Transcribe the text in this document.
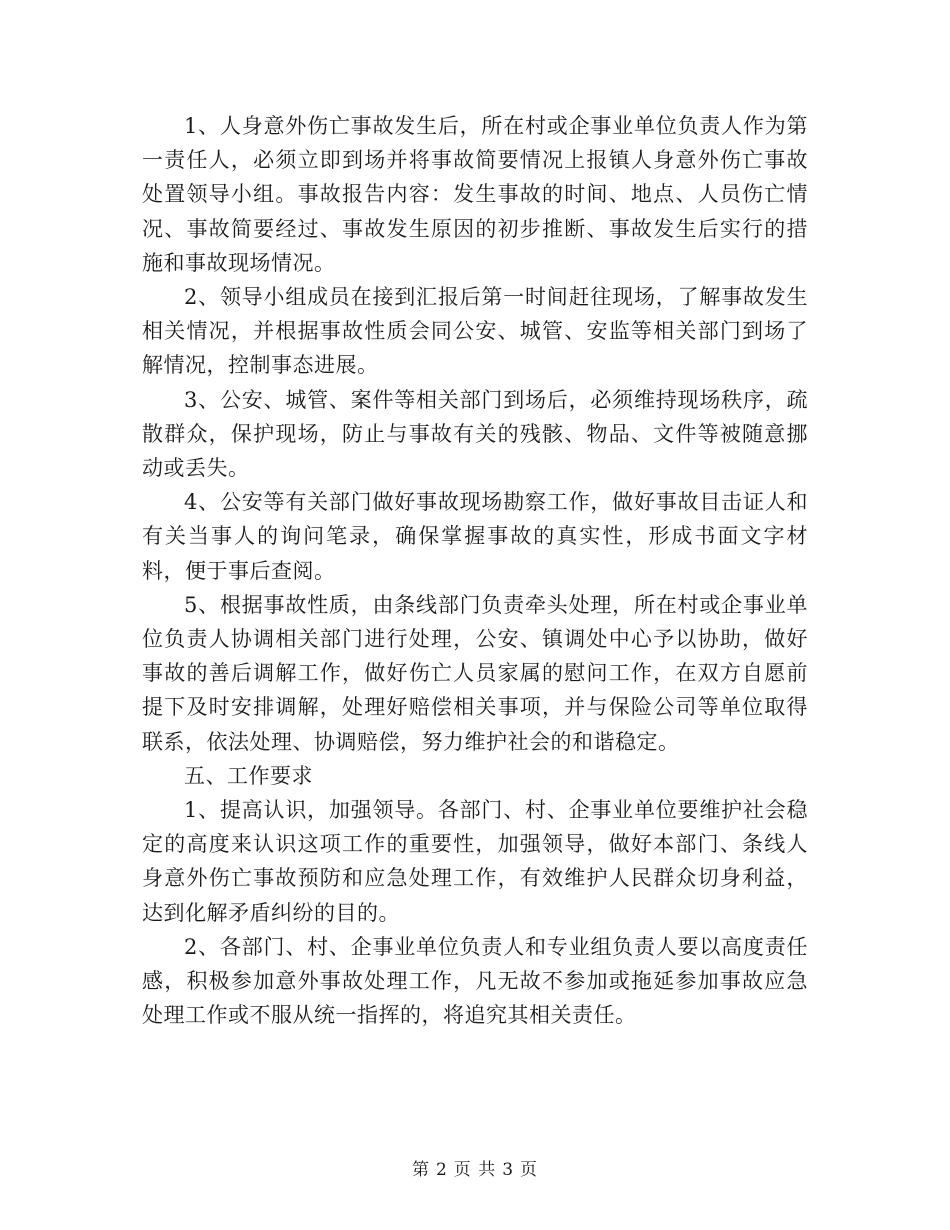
1、人身意外伤亡事故发生后，所在村或企事业单位负责人作为第一责任人，必须立即到场并将事故简要情况上报镇人身意外伤亡事故处置领导小组。事故报告内容：发生事故的时间、地点、人员伤亡情况、事故简要经过、事故发生原因的初步推断、事故发生后实行的措施和事故现场情况。

2、领导小组成员在接到汇报后第一时间赶往现场，了解事故发生相关情况，并根据事故性质会同公安、城管、安监等相关部门到场了解情况，控制事态进展。

3、公安、城管、案件等相关部门到场后，必须维持现场秩序，疏散群众，保护现场，防止与事故有关的残骸、物品、文件等被随意挪动或丢失。

4、公安等有关部门做好事故现场勘察工作，做好事故目击证人和有关当事人的询问笔录，确保掌握事故的真实性，形成书面文字材料，便于事后查阅。

5、根据事故性质，由条线部门负责牵头处理，所在村或企事业单位负责人协调相关部门进行处理，公安、镇调处中心予以协助，做好事故的善后调解工作，做好伤亡人员家属的慰问工作，在双方自愿前提下及时安排调解，处理好赔偿相关事项，并与保险公司等单位取得联系，依法处理、协调赔偿，努力维护社会的和谐稳定。

五、工作要求

1、提高认识，加强领导。各部门、村、企事业单位要维护社会稳定的高度来认识这项工作的重要性，加强领导，做好本部门、条线人身意外伤亡事故预防和应急处理工作，有效维护人民群众切身利益，达到化解矛盾纠纷的目的。

2、各部门、村、企事业单位负责人和专业组负责人要以高度责任感，积极参加意外事故处理工作，凡无故不参加或拖延参加事故应急处理工作或不服从统一指挥的，将追究其相关责任。

第 2 页 共 3 页
